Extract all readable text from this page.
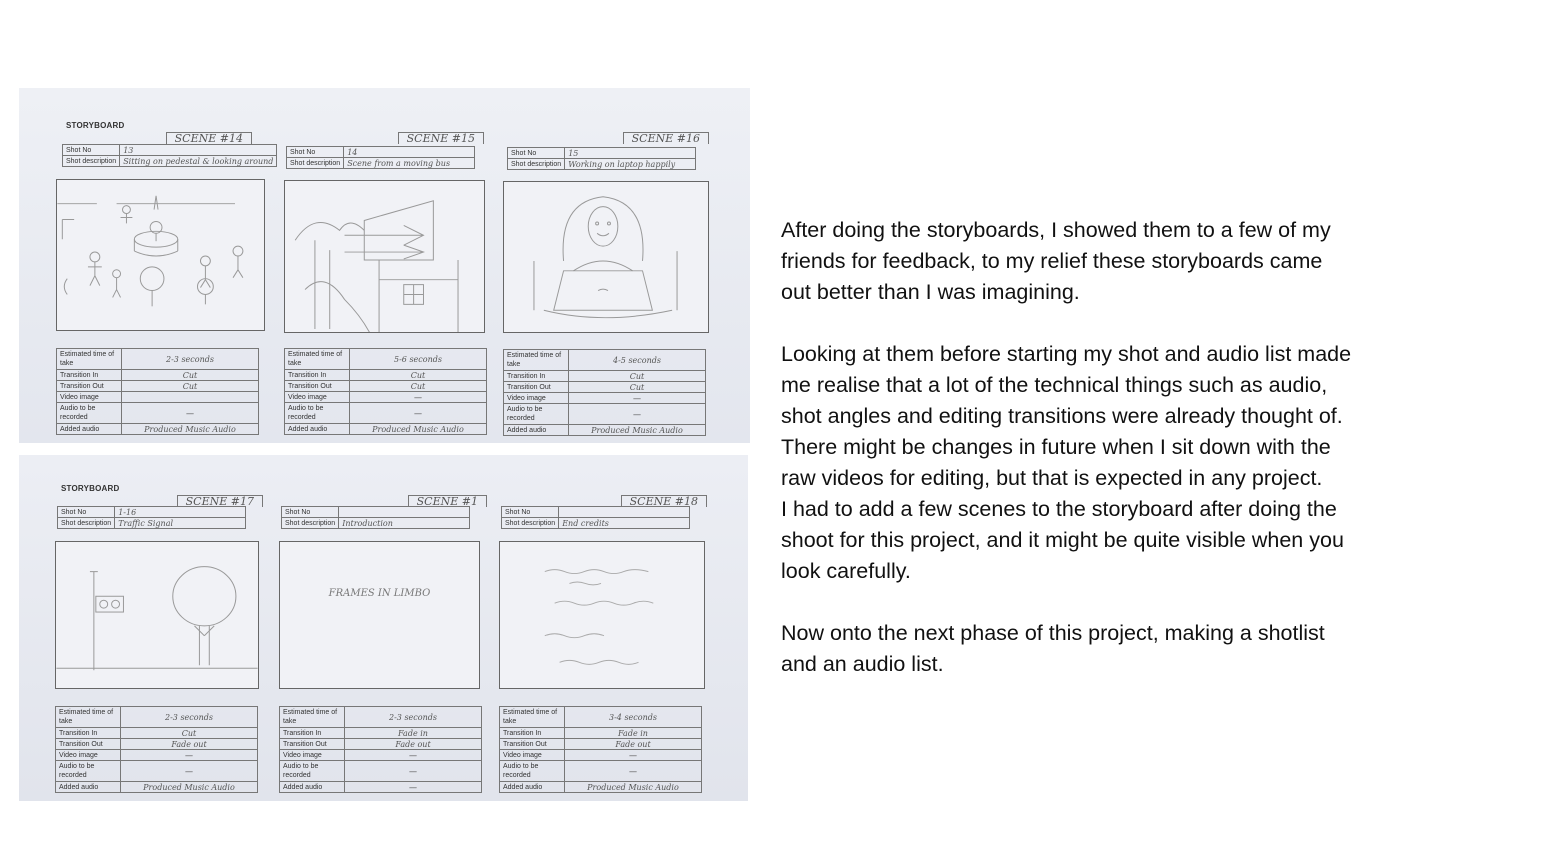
STORYBOARD
SCENE #14
Shot No	13
Shot description	Sitting on pedestal & looking around
Estimated time of take	2-3 seconds
Transition In	Cut
Transition Out	Cut
Video image	
Audio to be recorded	—
Added audio	Produced Music Audio
SCENE #15
Shot No	14
Shot description	Scene from a moving bus
Estimated time of take	5-6 seconds
Transition In	Cut
Transition Out	Cut
Video image	—
Audio to be recorded	—
Added audio	Produced Music Audio
SCENE #16
Shot No	15
Shot description	Working on laptop happily
Estimated time of take	4-5 seconds
Transition In	Cut
Transition Out	Cut
Video image	—
Audio to be recorded	—
Added audio	Produced Music Audio
STORYBOARD
SCENE #17
Shot No	1-16
Shot description	Traffic Signal
Estimated time of take	2-3 seconds
Transition In	Cut
Transition Out	Fade out
Video image	—
Audio to be recorded	—
Added audio	Produced Music Audio
SCENE #1
Shot No	
Shot description	Introduction
FRAMES IN LIMBO
Estimated time of take	2-3 seconds
Transition In	Fade in
Transition Out	Fade out
Video image	—
Audio to be recorded	—
Added audio	—
SCENE #18
Shot No	
Shot description	End credits
Estimated time of take	3-4 seconds
Transition In	Fade in
Transition Out	Fade out
Video image	—
Audio to be recorded	—
Added audio	Produced Music Audio

After doing the storyboards, I showed them to a few of my
friends for feedback, to my relief these storyboards came
out better than I was imagining.

Looking at them before starting my shot and audio list made
me realise that a lot of the technical things such as audio,
shot angles and editing transitions were already thought of.
There might be changes in future when I sit down with the
raw videos for editing, but that is expected in any project.
I had to add a few scenes to the storyboard after doing the
shoot for this project, and it might be quite visible when you
look carefully.

Now onto the next phase of this project, making a shotlist
and an audio list.
